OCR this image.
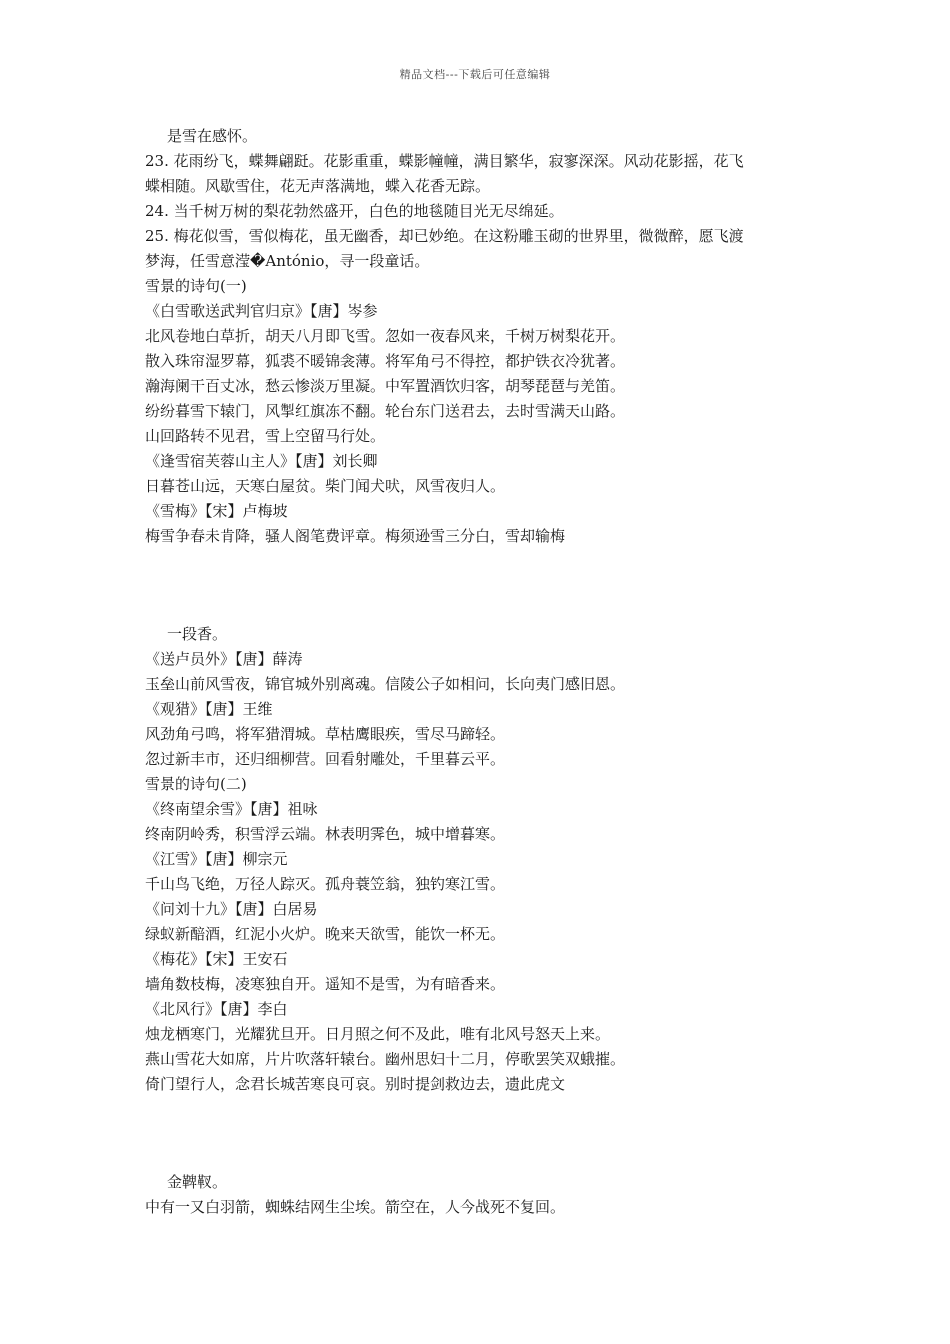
精品文档---下载后可任意编辑
是雪在感怀。
23. 花雨纷飞，蝶舞翩跹。花影重重，蝶影幢幢，满目繁华，寂寥深深。风动花影摇，花飞
蝶相随。风歇雪住，花无声落满地，蝶入花香无踪。
24. 当千树万树的梨花勃然盛开，白色的地毯随目光无尽绵延。
25. 梅花似雪，雪似梅花，虽无幽香，却已妙绝。在这粉雕玉砌的世界里，微微醉，愿飞渡
梦海，任雪意滢�António，寻一段童话。
雪景的诗句(一)
《白雪歌送武判官归京》【唐】岑参
北风卷地白草折，胡天八月即飞雪。忽如一夜春风来，千树万树梨花开。
散入珠帘湿罗幕，狐裘不暖锦衾薄。将军角弓不得控，都护铁衣冷犹著。
瀚海阑干百丈冰，愁云惨淡万里凝。中军置酒饮归客，胡琴琵琶与羌笛。
纷纷暮雪下辕门，风掣红旗冻不翻。轮台东门送君去，去时雪满天山路。
山回路转不见君，雪上空留马行处。
《逢雪宿芙蓉山主人》【唐】刘长卿
日暮苍山远，天寒白屋贫。柴门闻犬吠，风雪夜归人。
《雪梅》【宋】卢梅坡
梅雪争春未肯降，骚人阁笔费评章。梅须逊雪三分白，雪却输梅
一段香。
《送卢员外》【唐】薛涛
玉垒山前风雪夜，锦官城外别离魂。信陵公子如相问，长向夷门感旧恩。
《观猎》【唐】王维
风劲角弓鸣，将军猎渭城。草枯鹰眼疾，雪尽马蹄轻。
忽过新丰市，还归细柳营。回看射雕处，千里暮云平。
雪景的诗句(二)
《终南望余雪》【唐】祖咏
终南阴岭秀，积雪浮云端。林表明霁色，城中增暮寒。
《江雪》【唐】柳宗元
千山鸟飞绝，万径人踪灭。孤舟蓑笠翁，独钓寒江雪。
《问刘十九》【唐】白居易
绿蚁新醅酒，红泥小火炉。晚来天欲雪，能饮一杯无。
《梅花》【宋】王安石
墙角数枝梅，凌寒独自开。遥知不是雪，为有暗香来。
《北风行》【唐】李白
烛龙栖寒门，光耀犹旦开。日月照之何不及此，唯有北风号怒天上来。
燕山雪花大如席，片片吹落轩辕台。幽州思妇十二月，停歌罢笑双蛾摧。
倚门望行人，念君长城苦寒良可哀。别时提剑救边去，遗此虎文
金鞞靫。
中有一又白羽箭，蜘蛛结网生尘埃。箭空在，人今战死不复回。
